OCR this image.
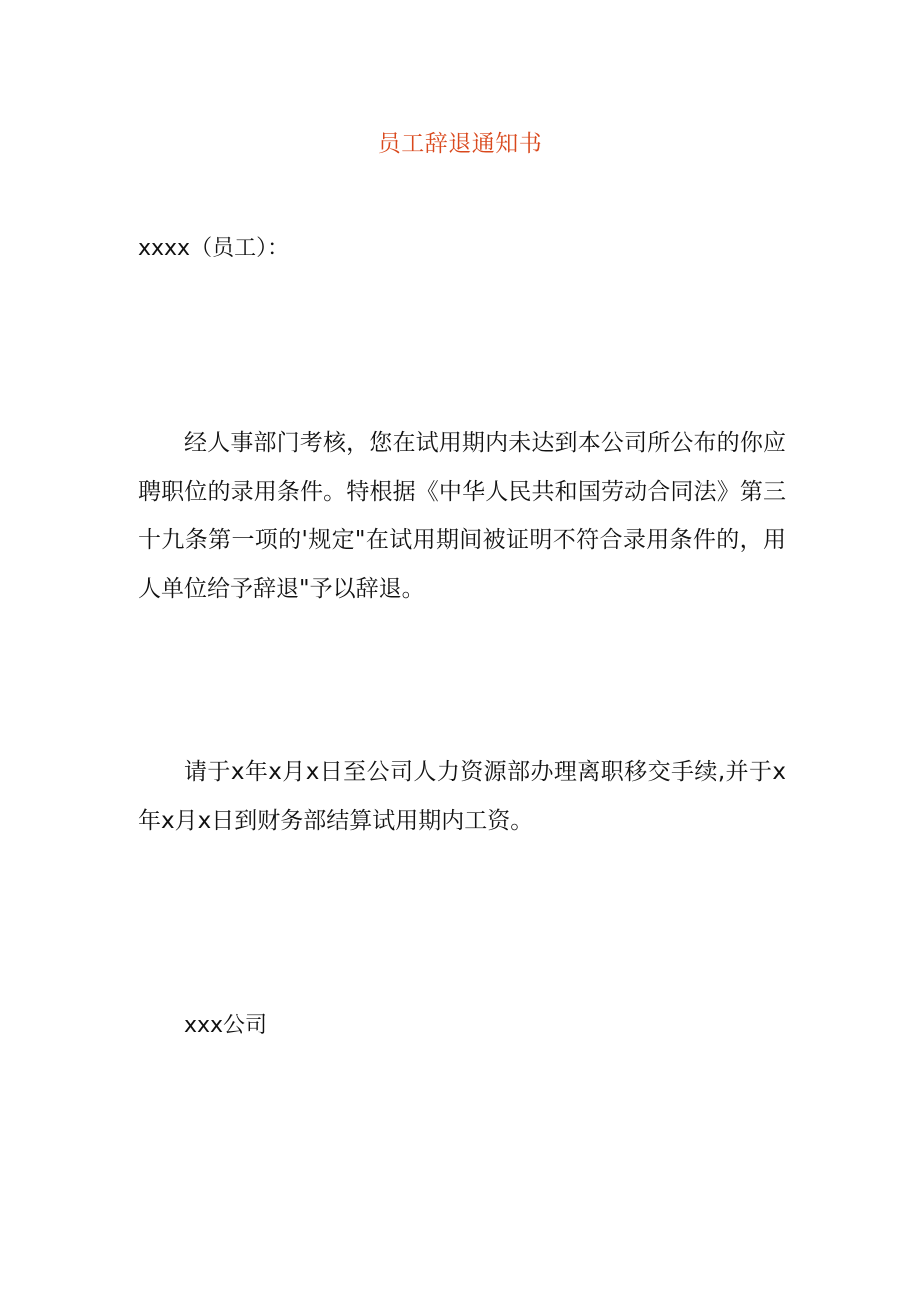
员工辞退通知书
xxxx（员工）：

经人事部门考核，您在试用期内未达到本公司所公布的你应聘职位的录用条件。特根据《中华人民共和国劳动合同法》第三十九条第一项的'规定"在试用期间被证明不符合录用条件的，用人单位给予辞退"予以辞退。

请于x年x月x日至公司人力资源部办理离职移交手续,并于x年x月x日到财务部结算试用期内工资。

xxx公司
